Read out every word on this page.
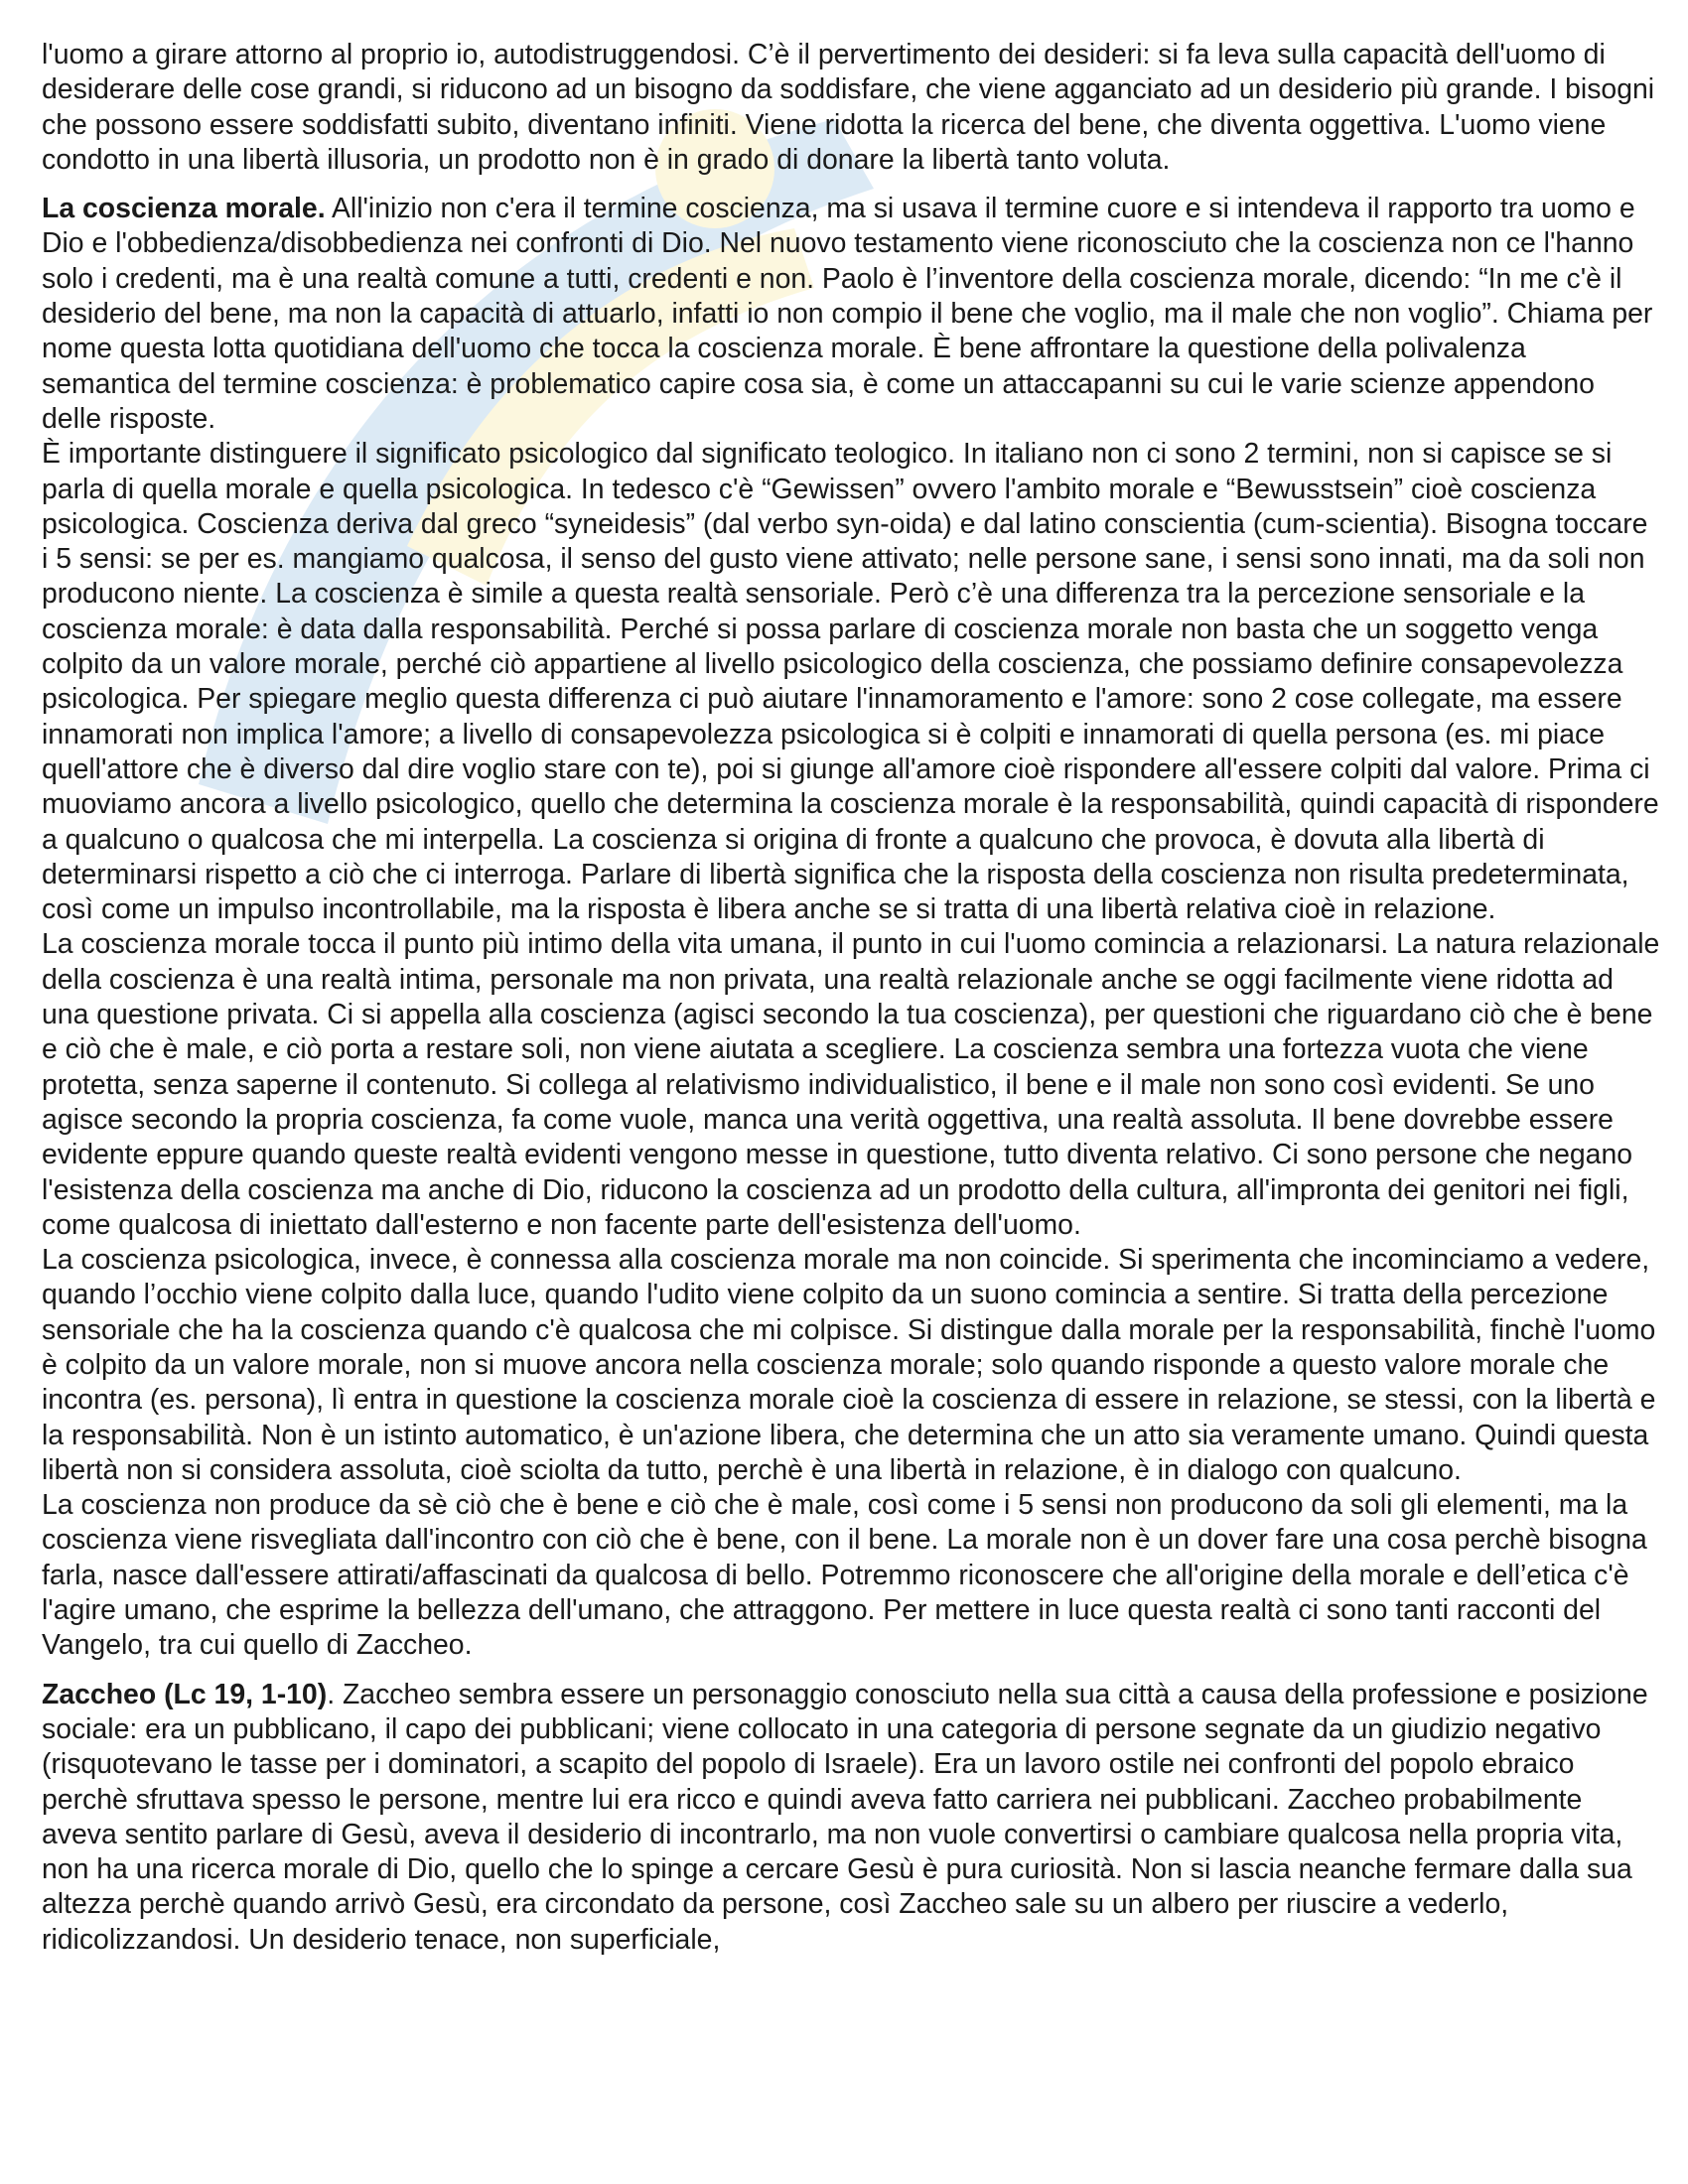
l'uomo a girare attorno al proprio io, autodistruggendosi. C’è il pervertimento dei desideri: si fa leva sulla capacità dell'uomo di desiderare delle cose grandi, si riducono ad un bisogno da soddisfare, che viene agganciato ad un desiderio più grande. I bisogni che possono essere soddisfatti subito, diventano infiniti. Viene ridotta la ricerca del bene, che diventa oggettiva. L'uomo viene condotto in una libertà illusoria, un prodotto non è in grado di donare la libertà tanto voluta.

La coscienza morale. All'inizio non c'era il termine coscienza, ma si usava il termine cuore e si intendeva il rapporto tra uomo e Dio e l'obbedienza/disobbedienza nei confronti di Dio. Nel nuovo testamento viene riconosciuto che la coscienza non ce l'hanno solo i credenti, ma è una realtà comune a tutti, credenti e non. Paolo è l’inventore della coscienza morale, dicendo: “In me c'è il desiderio del bene, ma non la capacità di attuarlo, infatti io non compio il bene che voglio, ma il male che non voglio”. Chiama per nome questa lotta quotidiana dell'uomo che tocca la coscienza morale. È bene affrontare la questione della polivalenza semantica del termine coscienza: è problematico capire cosa sia, è come un attaccapanni su cui le varie scienze appendono delle risposte.

È importante distinguere il significato psicologico dal significato teologico. In italiano non ci sono 2 termini, non si capisce se si parla di quella morale e quella psicologica. In tedesco c'è “Gewissen” ovvero l'ambito morale e “Bewusstsein” cioè coscienza psicologica. Coscienza deriva dal greco “syneidesis” (dal verbo syn-oida) e dal latino conscientia (cum-scientia). Bisogna toccare i 5 sensi: se per es. mangiamo qualcosa, il senso del gusto viene attivato; nelle persone sane, i sensi sono innati, ma da soli non producono niente. La coscienza è simile a questa realtà sensoriale. Però c’è una differenza tra la percezione sensoriale e la coscienza morale: è data dalla responsabilità. Perché si possa parlare di coscienza morale non basta che un soggetto venga colpito da un valore morale, perché ciò appartiene al livello psicologico della coscienza, che possiamo definire consapevolezza psicologica. Per spiegare meglio questa differenza ci può aiutare l'innamoramento e l'amore: sono 2 cose collegate, ma essere innamorati non implica l'amore; a livello di consapevolezza psicologica si è colpiti e innamorati di quella persona (es. mi piace quell'attore che è diverso dal dire voglio stare con te), poi si giunge all'amore cioè rispondere all'essere colpiti dal valore. Prima ci muoviamo ancora a livello psicologico, quello che determina la coscienza morale è la responsabilità, quindi capacità di rispondere a qualcuno o qualcosa che mi interpella. La coscienza si origina di fronte a qualcuno che provoca, è dovuta alla libertà di determinarsi rispetto a ciò che ci interroga. Parlare di libertà significa che la risposta della coscienza non risulta predeterminata, così come un impulso incontrollabile, ma la risposta è libera anche se si tratta di una libertà relativa cioè in relazione.

La coscienza morale tocca il punto più intimo della vita umana, il punto in cui l'uomo comincia a relazionarsi. La natura relazionale della coscienza è una realtà intima, personale ma non privata, una realtà relazionale anche se oggi facilmente viene ridotta ad una questione privata. Ci si appella alla coscienza (agisci secondo la tua coscienza), per questioni che riguardano ciò che è bene e ciò che è male, e ciò porta a restare soli, non viene aiutata a scegliere. La coscienza sembra una fortezza vuota che viene protetta, senza saperne il contenuto. Si collega al relativismo individualistico, il bene e il male non sono così evidenti. Se uno agisce secondo la propria coscienza, fa come vuole, manca una verità oggettiva, una realtà assoluta. Il bene dovrebbe essere evidente eppure quando queste realtà evidenti vengono messe in questione, tutto diventa relativo. Ci sono persone che negano l'esistenza della coscienza ma anche di Dio, riducono la coscienza ad un prodotto della cultura, all'impronta dei genitori nei figli, come qualcosa di iniettato dall'esterno e non facente parte dell'esistenza dell'uomo.

La coscienza psicologica, invece, è connessa alla coscienza morale ma non coincide. Si sperimenta che incominciamo a vedere, quando l’occhio viene colpito dalla luce, quando l'udito viene colpito da un suono comincia a sentire. Si tratta della percezione sensoriale che ha la coscienza quando c'è qualcosa che mi colpisce. Si distingue dalla morale per la responsabilità, finchè l'uomo è colpito da un valore morale, non si muove ancora nella coscienza morale; solo quando risponde a questo valore morale che incontra (es. persona), lì entra in questione la coscienza morale cioè la coscienza di essere in relazione, se stessi, con la libertà e la responsabilità. Non è un istinto automatico, è un'azione libera, che determina che un atto sia veramente umano. Quindi questa libertà non si considera assoluta, cioè sciolta da tutto, perchè è una libertà in relazione, è in dialogo con qualcuno.

La coscienza non produce da sè ciò che è bene e ciò che è male, così come i 5 sensi non producono da soli gli elementi, ma la coscienza viene risvegliata dall'incontro con ciò che è bene, con il bene. La morale non è un dover fare una cosa perchè bisogna farla, nasce dall'essere attirati/affascinati da qualcosa di bello. Potremmo riconoscere che all'origine della morale e dell’etica c'è l'agire umano, che esprime la bellezza dell'umano, che attraggono. Per mettere in luce questa realtà ci sono tanti racconti del Vangelo, tra cui quello di Zaccheo.

Zaccheo (Lc 19, 1-10). Zaccheo sembra essere un personaggio conosciuto nella sua città a causa della professione e posizione sociale: era un pubblicano, il capo dei pubblicani; viene collocato in una categoria di persone segnate da un giudizio negativo (risquotevano le tasse per i dominatori, a scapito del popolo di Israele). Era un lavoro ostile nei confronti del popolo ebraico perchè sfruttava spesso le persone, mentre lui era ricco e quindi aveva fatto carriera nei pubblicani. Zaccheo probabilmente aveva sentito parlare di Gesù, aveva il desiderio di incontrarlo, ma non vuole convertirsi o cambiare qualcosa nella propria vita, non ha una ricerca morale di Dio, quello che lo spinge a cercare Gesù è pura curiosità. Non si lascia neanche fermare dalla sua altezza perchè quando arrivò Gesù, era circondato da persone, così Zaccheo sale su un albero per riuscire a vederlo, ridicolizzandosi. Un desiderio tenace, non superficiale,
